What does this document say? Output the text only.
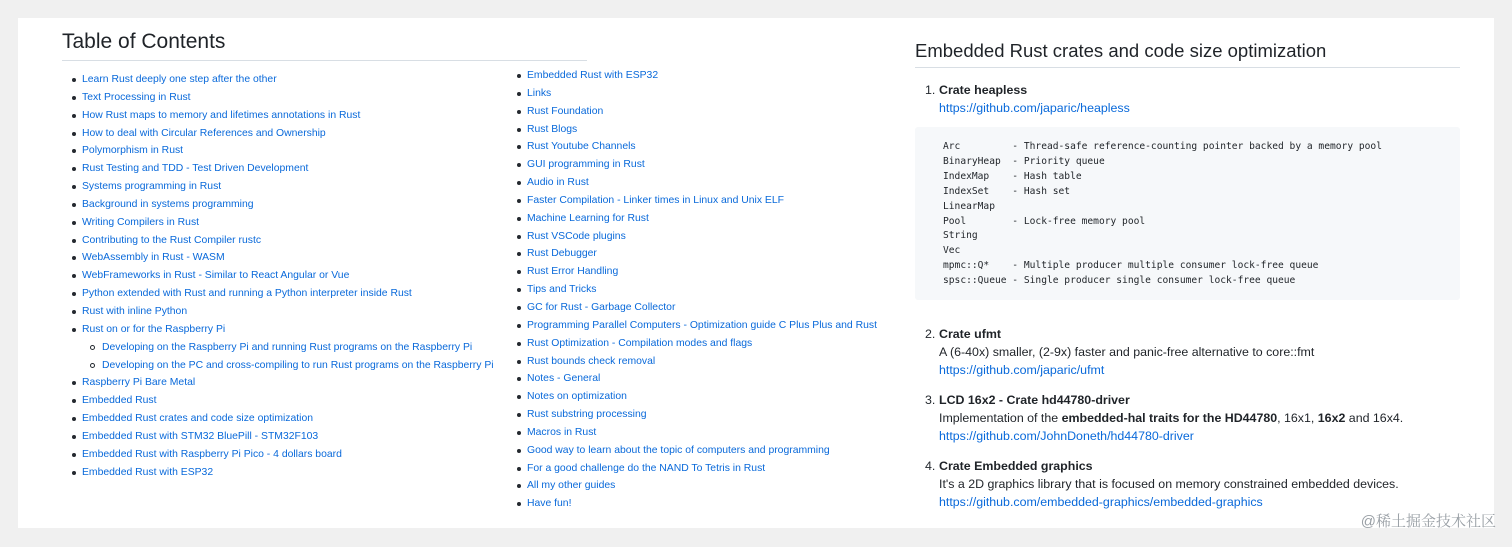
Table of Contents
Learn Rust deeply one step after the other
Text Processing in Rust
How Rust maps to memory and lifetimes annotations in Rust
How to deal with Circular References and Ownership
Polymorphism in Rust
Rust Testing and TDD - Test Driven Development
Systems programming in Rust
Background in systems programming
Writing Compilers in Rust
Contributing to the Rust Compiler rustc
WebAssembly in Rust - WASM
WebFrameworks in Rust - Similar to React Angular or Vue
Python extended with Rust and running a Python interpreter inside Rust
Rust with inline Python
Rust on or for the Raspberry Pi
Developing on the Raspberry Pi and running Rust programs on the Raspberry Pi
Developing on the PC and cross-compiling to run Rust programs on the Raspberry Pi
Raspberry Pi Bare Metal
Embedded Rust
Embedded Rust crates and code size optimization
Embedded Rust with STM32 BluePill - STM32F103
Embedded Rust with Raspberry Pi Pico - 4 dollars board
Embedded Rust with ESP32
Embedded Rust with ESP32
Links
Rust Foundation
Rust Blogs
Rust Youtube Channels
GUI programming in Rust
Audio in Rust
Faster Compilation - Linker times in Linux and Unix ELF
Machine Learning for Rust
Rust VSCode plugins
Rust Debugger
Rust Error Handling
Tips and Tricks
GC for Rust - Garbage Collector
Programming Parallel Computers - Optimization guide C Plus Plus and Rust
Rust Optimization - Compilation modes and flags
Rust bounds check removal
Notes - General
Notes on optimization
Rust substring processing
Macros in Rust
Good way to learn about the topic of computers and programming
For a good challenge do the NAND To Tetris in Rust
All my other guides
Have fun!
Embedded Rust crates and code size optimization
1. Crate heapless
https://github.com/japaric/heapless
Arc         - Thread-safe reference-counting pointer backed by a memory pool
BinaryHeap  - Priority queue
IndexMap    - Hash table
IndexSet    - Hash set
LinearMap
Pool        - Lock-free memory pool
String
Vec
mpmc::Q*    - Multiple producer multiple consumer lock-free queue
spsc::Queue - Single producer single consumer lock-free queue
2. Crate ufmt
A (6-40x) smaller, (2-9x) faster and panic-free alternative to core::fmt
https://github.com/japaric/ufmt
3. LCD 16x2 - Crate hd44780-driver
Implementation of the embedded-hal traits for the HD44780, 16x1, 16x2 and 16x4.
https://github.com/JohnDoneth/hd44780-driver
4. Crate Embedded graphics
It's a 2D graphics library that is focused on memory constrained embedded devices.
https://github.com/embedded-graphics/embedded-graphics
@稀土掘金技术社区
